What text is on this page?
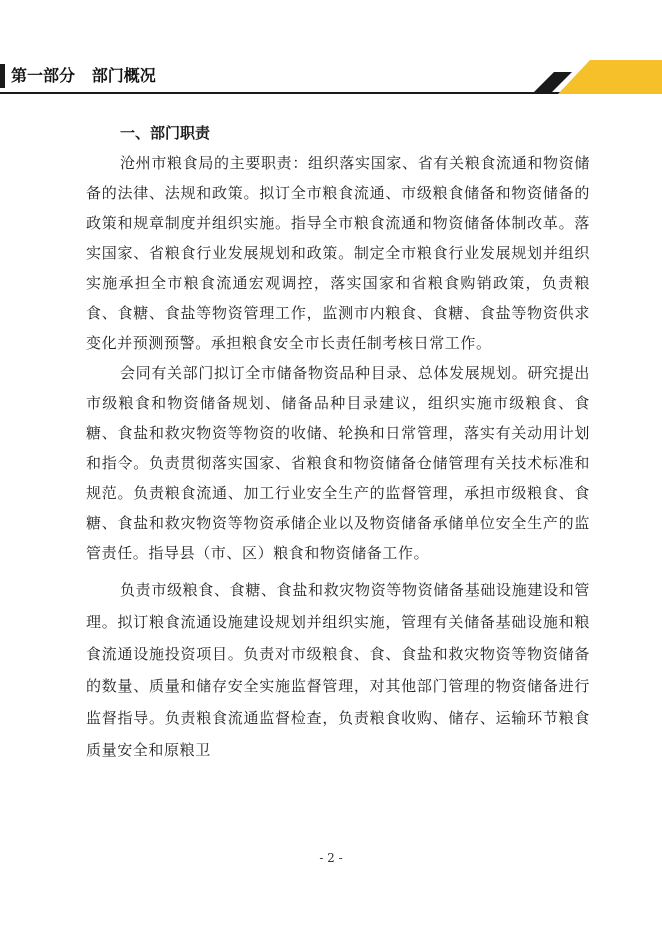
第一部分   部门概况
一、部门职责

沧州市粮食局的主要职责：组织落实国家、省有关粮食流通和物资储备的法律、法规和政策。拟订全市粮食流通、市级粮食储备和物资储备的政策和规章制度并组织实施。指导全市粮食流通和物资储备体制改革。落实国家、省粮食行业发展规划和政策。制定全市粮食行业发展规划并组织实施承担全市粮食流通宏观调控，落实国家和省粮食购销政策，负责粮食、食糖、食盐等物资管理工作，监测市内粮食、食糖、食盐等物资供求变化并预测预警。承担粮食安全市长责任制考核日常工作。

会同有关部门拟订全市储备物资品种目录、总体发展规划。研究提出市级粮食和物资储备规划、储备品种目录建议，组织实施市级粮食、食糖、食盐和救灾物资等物资的收储、轮换和日常管理，落实有关动用计划和指令。负责贯彻落实国家、省粮食和物资储备仓储管理有关技术标准和规范。负责粮食流通、加工行业安全生产的监督管理，承担市级粮食、食糖、食盐和救灾物资等物资承储企业以及物资储备承储单位安全生产的监管责任。指导县（市、区）粮食和物资储备工作。

负责市级粮食、食糖、食盐和救灾物资等物资储备基础设施建设和管理。拟订粮食流通设施建设规划并组织实施，管理有关储备基础设施和粮食流通设施投资项目。负责对市级粮食、食、食盐和救灾物资等物资储备的数量、质量和储存安全实施监督管理，对其他部门管理的物资储备进行监督指导。负责粮食流通监督检查，负责粮食收购、储存、运输环节粮食质量安全和原粮卫

- 2 -
